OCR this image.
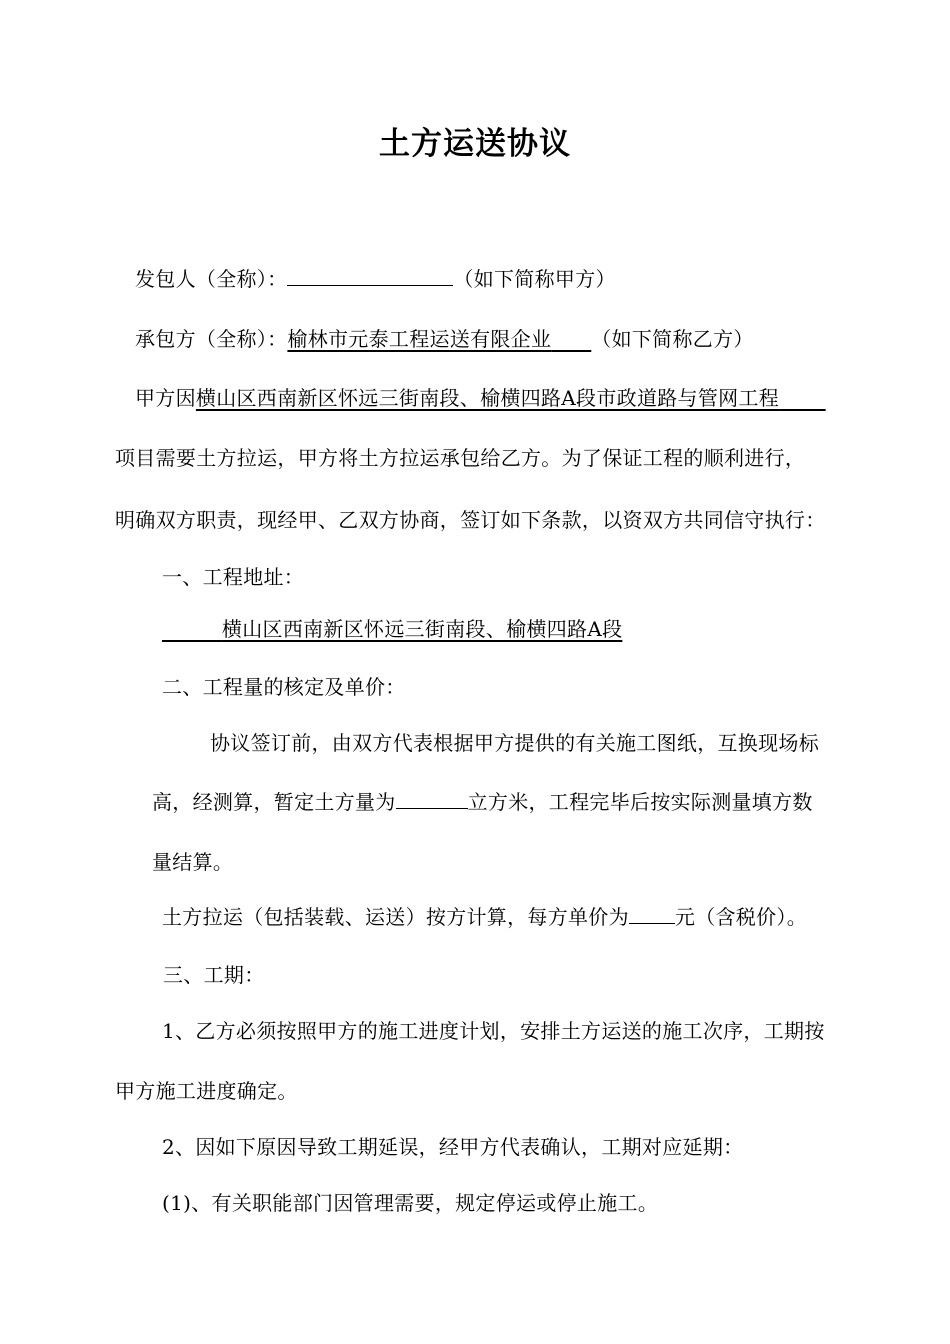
土方运送协议
发包人（全称）：	（如下简称甲方）
承包方（全称）：榆林市元泰工程运送有限企业 （如下简称乙方）
甲方因横山区西南新区怀远三街南段、榆横四路A段市政道路与管网工程
项目需要土方拉运，甲方将土方拉运承包给乙方。为了保证工程的顺利进行，
明确双方职责，现经甲、乙双方协商，签订如下条款，以资双方共同信守执行：
一、工程地址：
横山区西南新区怀远三街南段、榆横四路A段
二、工程量的核定及单价：
协议签订前，由双方代表根据甲方提供的有关施工图纸，互换现场标
高，经测算，暂定土方量为	立方米，工程完毕后按实际测量填方数
量结算。
土方拉运（包括装载、运送）按方计算，每方单价为 元（含税价）。
三、工期：
1、乙方必须按照甲方的施工进度计划，安排土方运送的施工次序，工期按
甲方施工进度确定。
2、因如下原因导致工期延误，经甲方代表确认，工期对应延期：
(1)、有关职能部门因管理需要，规定停运或停止施工。
